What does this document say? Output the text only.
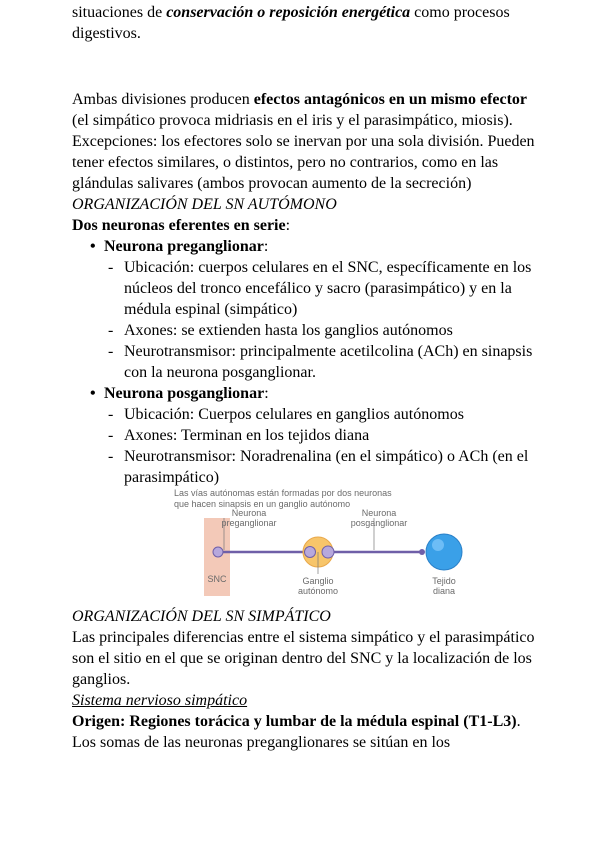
situaciones de conservación o reposición energética como procesos digestivos.

Ambas divisiones producen efectos antagónicos en un mismo efector (el simpático provoca midriasis en el iris y el parasimpático, miosis).

Excepciones: los efectores solo se inervan por una sola división. Pueden tener efectos similares, o distintos, pero no contrarios, como en las glándulas salivares (ambos provocan aumento de la secreción)

ORGANIZACIÓN DEL SN AUTÓMONO

Dos neuronas eferentes en serie:

• Neurona preganglionar:

- Ubicación: cuerpos celulares en el SNC, específicamente en los núcleos del tronco encefálico y sacro (parasimpático) y en la médula espinal (simpático)

- Axones: se extienden hasta los ganglios autónomos

- Neurotransmisor: principalmente acetilcolina (ACh) en sinapsis con la neurona posganglionar.

• Neurona posganglionar:

- Ubicación: Cuerpos celulares en ganglios autónomos

- Axones: Terminan en los tejidos diana

- Neurotransmisor: Noradrenalina (en el simpático) o ACh (en el parasimpático)

Las vías autónomas están formadas por dos neuronas
que hacen sinapsis en un ganglio autónomo
Neurona
preganglionar
Neurona
posganglionar
SNC	Ganglio
autónomo
Tejido
diana

ORGANIZACIÓN DEL SN SIMPÁTICO

Las principales diferencias entre el sistema simpático y el parasimpático son el sitio en el que se originan dentro del SNC y la localización de los ganglios.

Sistema nervioso simpático

Origen: Regiones torácica y lumbar de la médula espinal (T1-L3).

Los somas de las neuronas preganglionares se sitúan en los
